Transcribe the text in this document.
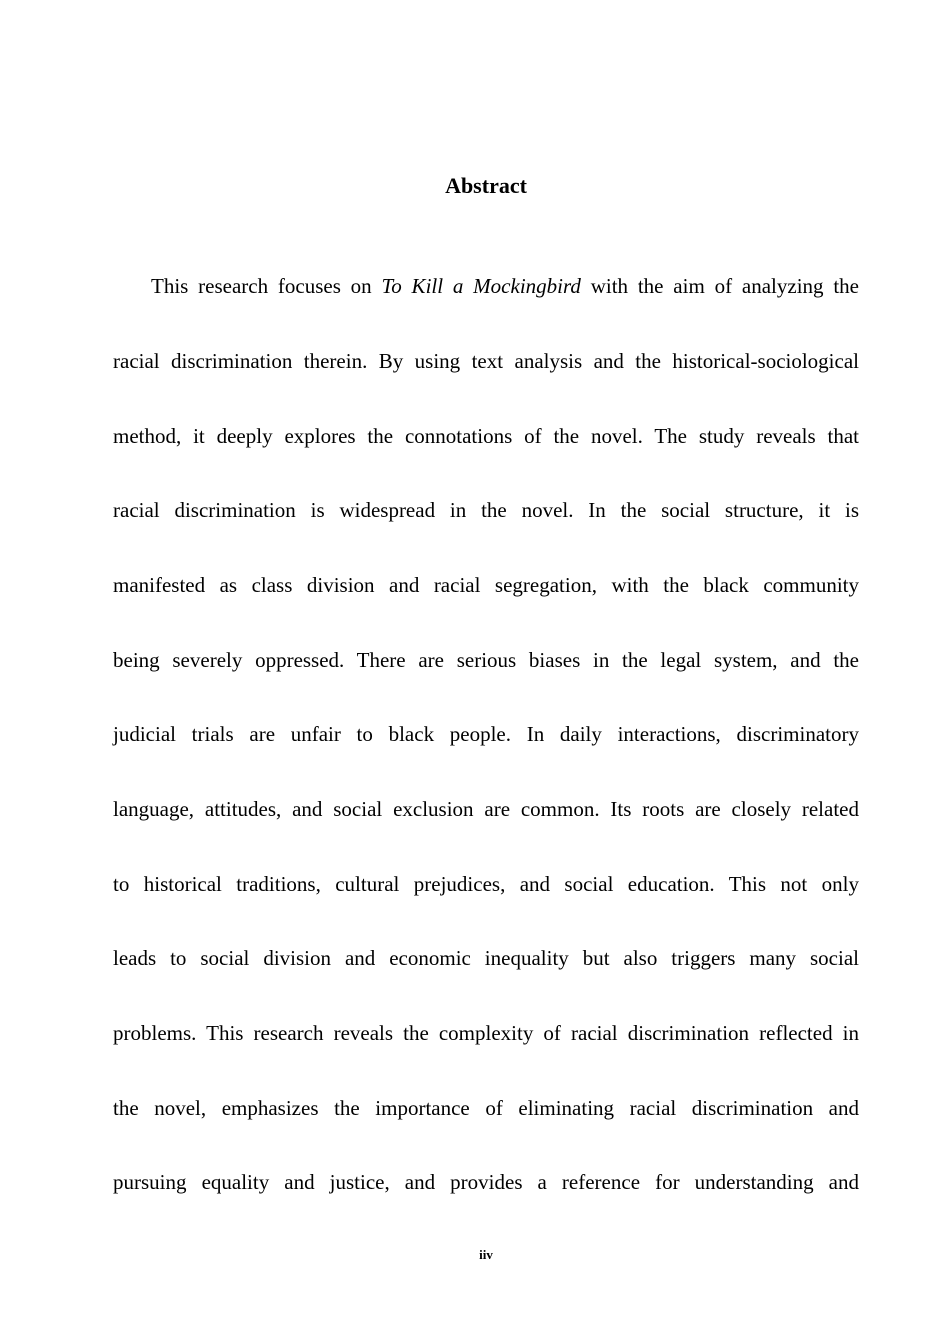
Abstract
This research focuses on To Kill a Mockingbird with the aim of analyzing the
racial discrimination therein. By using text analysis and the historical-sociological
method, it deeply explores the connotations of the novel. The study reveals that
racial discrimination is widespread in the novel. In the social structure, it is
manifested as class division and racial segregation, with the black community
being severely oppressed. There are serious biases in the legal system, and the
judicial trials are unfair to black people. In daily interactions, discriminatory
language, attitudes, and social exclusion are common. Its roots are closely related
to historical traditions, cultural prejudices, and social education. This not only
leads to social division and economic inequality but also triggers many social
problems. This research reveals the complexity of racial discrimination reflected in
the novel, emphasizes the importance of eliminating racial discrimination and
pursuing equality and justice, and provides a reference for understanding and
iiv
